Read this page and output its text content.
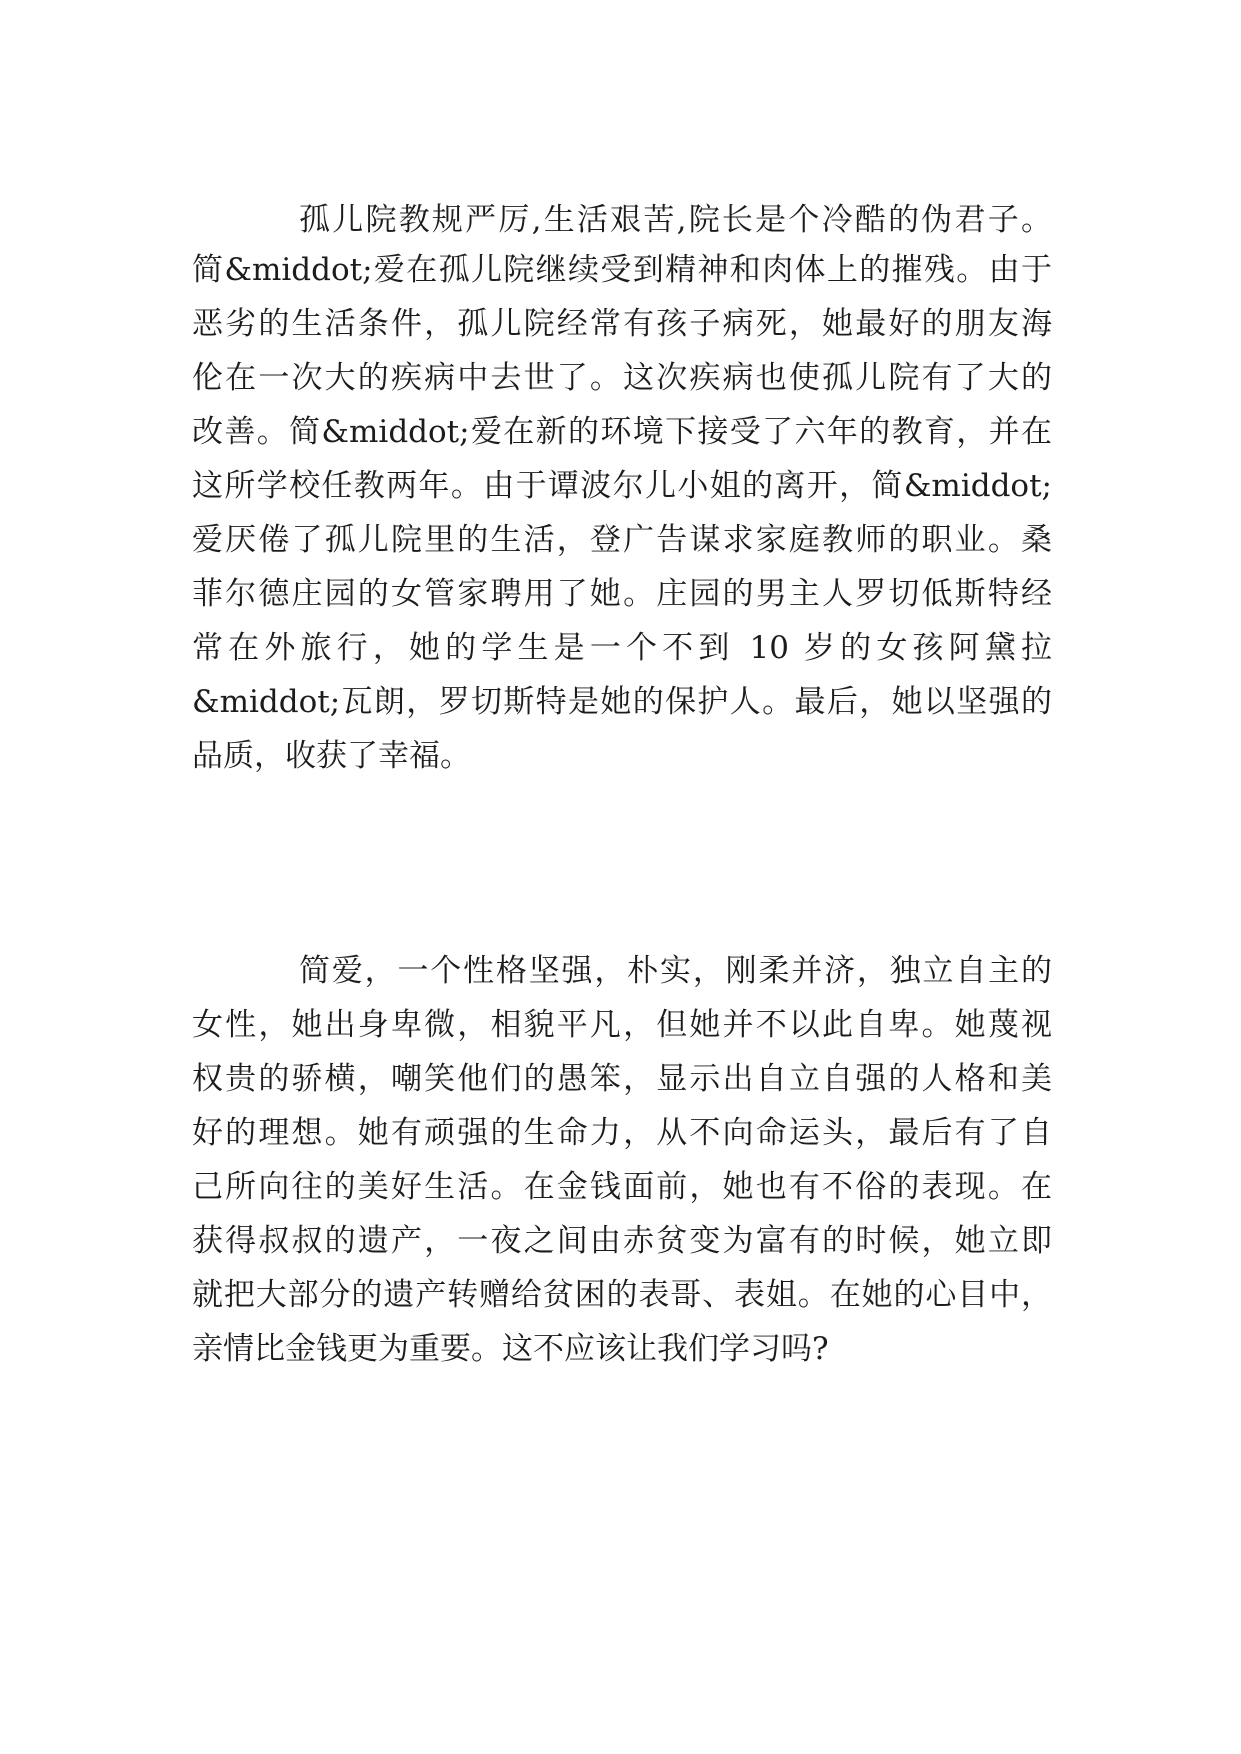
孤儿院教规严厉,生活艰苦,院长是个冷酷的伪君子。
简&middot;爱在孤儿院继续受到精神和肉体上的摧残。由于
恶劣的生活条件，孤儿院经常有孩子病死，她最好的朋友海
伦在一次大的疾病中去世了。这次疾病也使孤儿院有了大的
改善。简&middot;爱在新的环境下接受了六年的教育，并在
这所学校任教两年。由于谭波尔儿小姐的离开，简&middot;
爱厌倦了孤儿院里的生活，登广告谋求家庭教师的职业。桑
菲尔德庄园的女管家聘用了她。庄园的男主人罗切低斯特经
常在外旅行，她的学生是一个不到 10 岁的女孩阿黛拉
&middot;瓦朗，罗切斯特是她的保护人。最后，她以坚强的
品质，收获了幸福。
简爱，一个性格坚强，朴实，刚柔并济，独立自主的
女性，她出身卑微，相貌平凡，但她并不以此自卑。她蔑视
权贵的骄横，嘲笑他们的愚笨，显示出自立自强的人格和美
好的理想。她有顽强的生命力，从不向命运头，最后有了自
己所向往的美好生活。在金钱面前，她也有不俗的表现。在
获得叔叔的遗产，一夜之间由赤贫变为富有的时候，她立即
就把大部分的遗产转赠给贫困的表哥、表姐。在她的心目中，
亲情比金钱更为重要。这不应该让我们学习吗?
